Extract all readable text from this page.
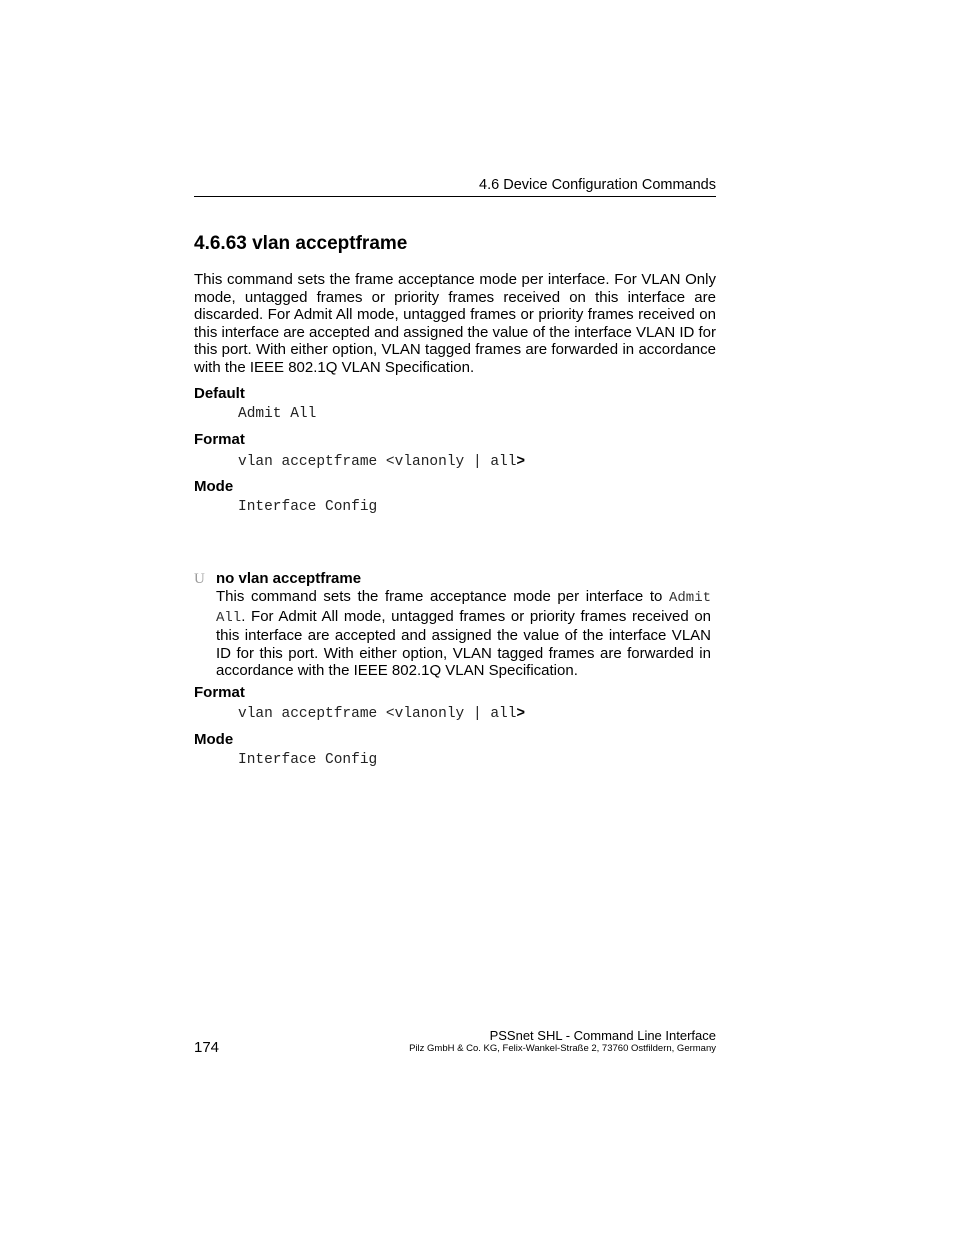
4.6 Device Configuration Commands
4.6.63 vlan acceptframe
This command sets the frame acceptance mode per interface. For VLAN Only mode, untagged frames or priority frames received on this interface are discarded. For Admit All mode, untagged frames or priority frames received on this interface are accepted and assigned the value of the interface VLAN ID for this port. With either option, VLAN tagged frames are forwarded in accordance with the IEEE 802.1Q VLAN Specification.
Default
Admit All
Format
vlan acceptframe <vlanonly | all>
Mode
Interface Config
U no vlan acceptframe
This command sets the frame acceptance mode per interface to Admit All. For Admit All mode, untagged frames or priority frames received on this interface are accepted and assigned the value of the interface VLAN ID for this port. With either option, VLAN tagged frames are forwarded in accordance with the IEEE 802.1Q VLAN Specification.
Format
vlan acceptframe <vlanonly | all>
Mode
Interface Config
174
PSSnet SHL - Command Line Interface
Pilz GmbH & Co. KG, Felix-Wankel-Straße 2, 73760 Ostfildern, Germany
